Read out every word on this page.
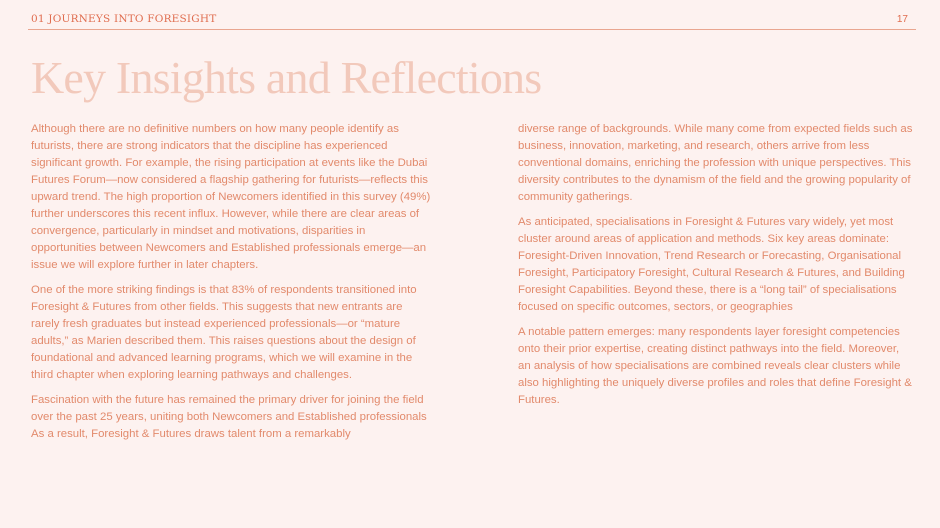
01 JOURNEYS INTO FORESIGHT	17
Key Insights and Reflections

Although there are no definitive numbers on how many people identify as futurists, there are strong indicators that the discipline has experienced significant growth. For example, the rising participation at events like the Dubai Futures Forum—now considered a flagship gathering for futurists—reflects this upward trend. The high proportion of Newcomers identified in this survey (49%) further underscores this recent influx. However, while there are clear areas of convergence, particularly in mindset and motivations, disparities in opportunities between Newcomers and Established professionals emerge—an issue we will explore further in later chapters.

One of the more striking findings is that 83% of respondents transitioned into Foresight & Futures from other fields. This suggests that new entrants are rarely fresh graduates but instead experienced professionals—or “mature adults,” as Marien described them. This raises questions about the design of foundational and advanced learning programs, which we will examine in the third chapter when exploring learning pathways and challenges.

Fascination with the future has remained the primary driver for joining the field over the past 25 years, uniting both Newcomers and Established professionals As a result, Foresight & Futures draws talent from a remarkably

diverse range of backgrounds. While many come from expected fields such as business, innovation, marketing, and research, others arrive from less conventional domains, enriching the profession with unique perspectives. This diversity contributes to the dynamism of the field and the growing popularity of community gatherings.

As anticipated, specialisations in Foresight & Futures vary widely, yet most cluster around areas of application and methods. Six key areas dominate: Foresight-Driven Innovation, Trend Research or Forecasting, Organisational Foresight, Participatory Foresight, Cultural Research & Futures, and Building Foresight Capabilities. Beyond these, there is a “long tail” of specialisations focused on specific outcomes, sectors, or geographies

A notable pattern emerges: many respondents layer foresight competencies onto their prior expertise, creating distinct pathways into the field. Moreover, an analysis of how specialisations are combined reveals clear clusters while also highlighting the uniquely diverse profiles and roles that define Foresight & Futures.
